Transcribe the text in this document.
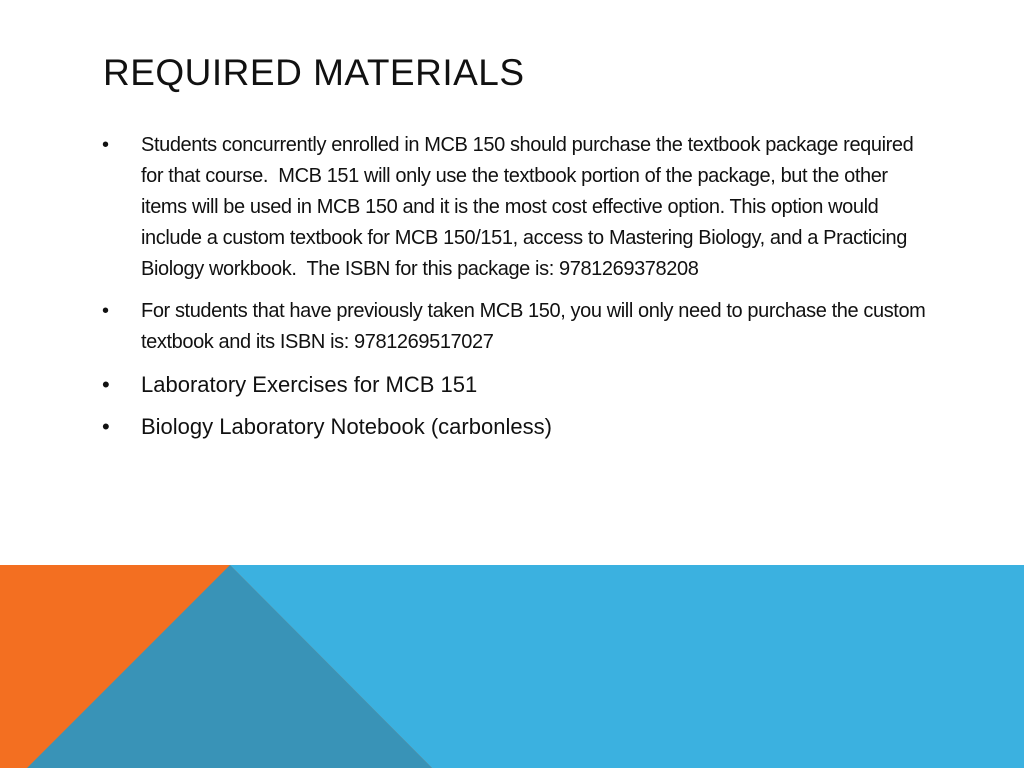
REQUIRED MATERIALS
• Students concurrently enrolled in MCB 150 should purchase the textbook package required for that course.  MCB 151 will only use the textbook portion of the package, but the other items will be used in MCB 150 and it is the most cost effective option. This option would include a custom textbook for MCB 150/151, access to Mastering Biology, and a Practicing Biology workbook.  The ISBN for this package is: 9781269378208
• For students that have previously taken MCB 150, you will only need to purchase the custom textbook and its ISBN is: 9781269517027
• Laboratory Exercises for MCB 151
• Biology Laboratory Notebook (carbonless)
